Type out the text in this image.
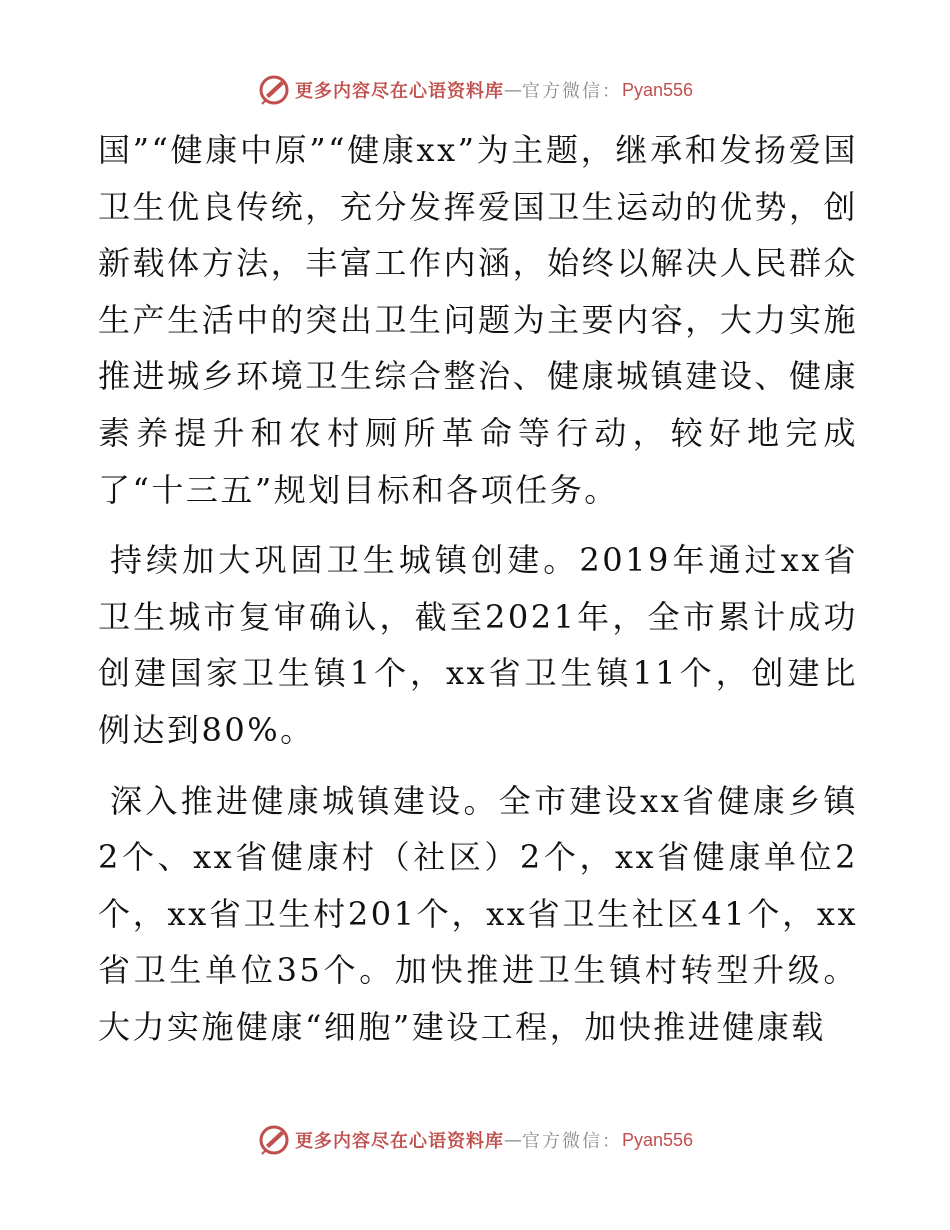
更多内容尽在心语资料库 — 官方微信： Pyan556

国”“健康中原”“健康xx”为主题，继承和发扬爱国卫生优良传统，充分发挥爱国卫生运动的优势，创新载体方法，丰富工作内涵，始终以解决人民群众生产生活中的突出卫生问题为主要内容，大力实施推进城乡环境卫生综合整治、健康城镇建设、健康素养提升和农村厕所革命等行动，较好地完成了“十三五”规划目标和各项任务。

持续加大巩固卫生城镇创建。2019年通过xx省卫生城市复审确认，截至2021年，全市累计成功创建国家卫生镇1个，xx省卫生镇11个，创建比例达到80%。

深入推进健康城镇建设。全市建设xx省健康乡镇2个、xx省健康村（社区）2个，xx省健康单位2个，xx省卫生村201个，xx省卫生社区41个，xx省卫生单位35个。加快推进卫生镇村转型升级。大力实施健康“细胞”建设工程，加快推进健康载

更多内容尽在心语资料库 — 官方微信： Pyan556
